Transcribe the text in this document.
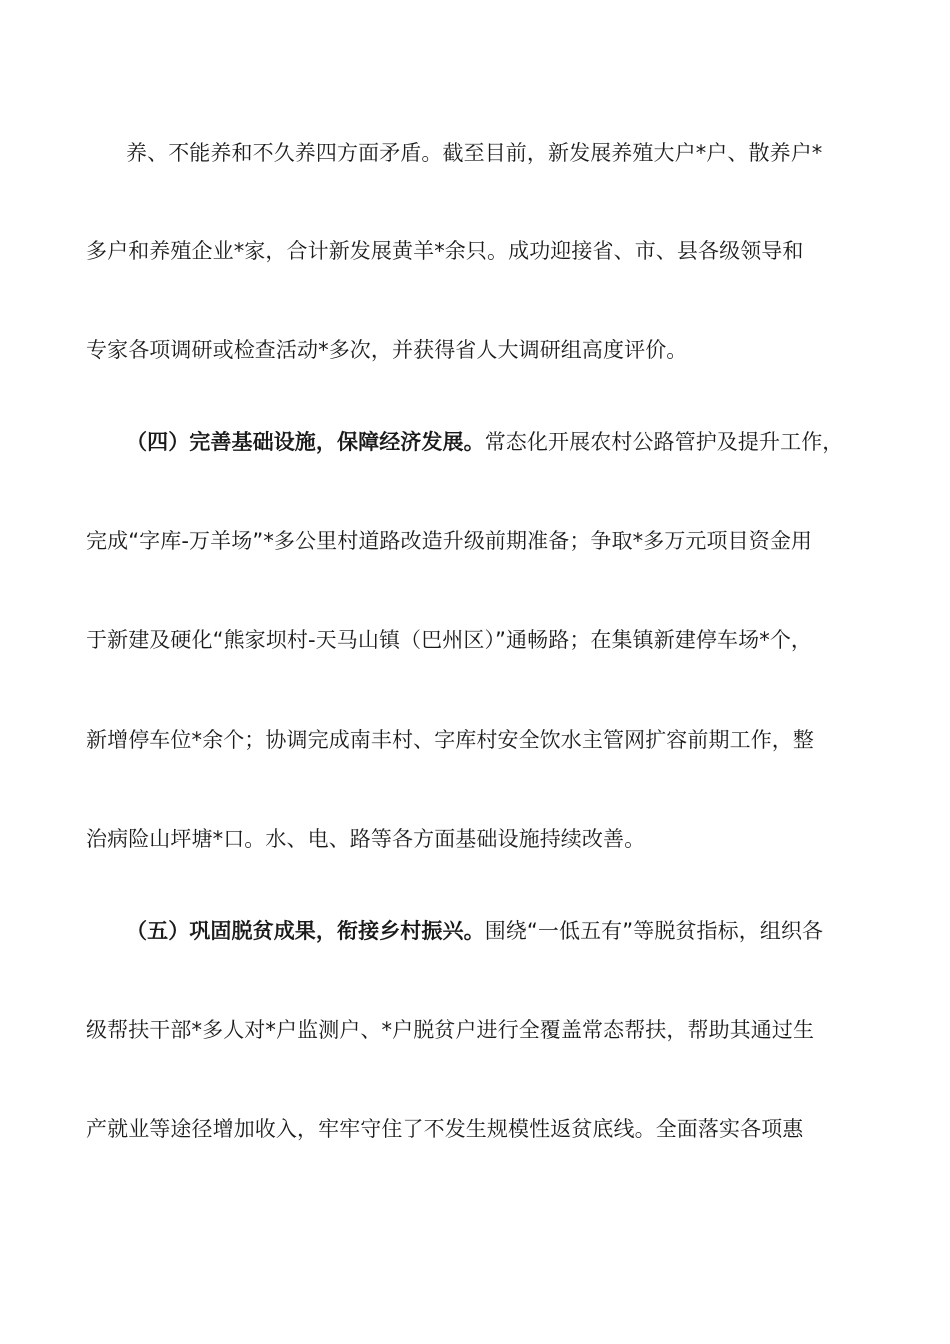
养、不能养和不久养四方面矛盾。截至目前，新发展养殖大户*户、散养户*
多户和养殖企业*家，合计新发展黄羊*余只。成功迎接省、市、县各级领导和
专家各项调研或检查活动*多次，并获得省人大调研组高度评价。
（四）完善基础设施，保障经济发展。常态化开展农村公路管护及提升工作，
完成“字库-万羊场”*多公里村道路改造升级前期准备；争取*多万元项目资金用
于新建及硬化“熊家坝村-天马山镇（巴州区）”通畅路；在集镇新建停车场*个，
新增停车位*余个；协调完成南丰村、字库村安全饮水主管网扩容前期工作，整
治病险山坪塘*口。水、电、路等各方面基础设施持续改善。
（五）巩固脱贫成果，衔接乡村振兴。围绕“一低五有”等脱贫指标，组织各
级帮扶干部*多人对*户监测户、*户脱贫户进行全覆盖常态帮扶，帮助其通过生
产就业等途径增加收入，牢牢守住了不发生规模性返贫底线。全面落实各项惠
